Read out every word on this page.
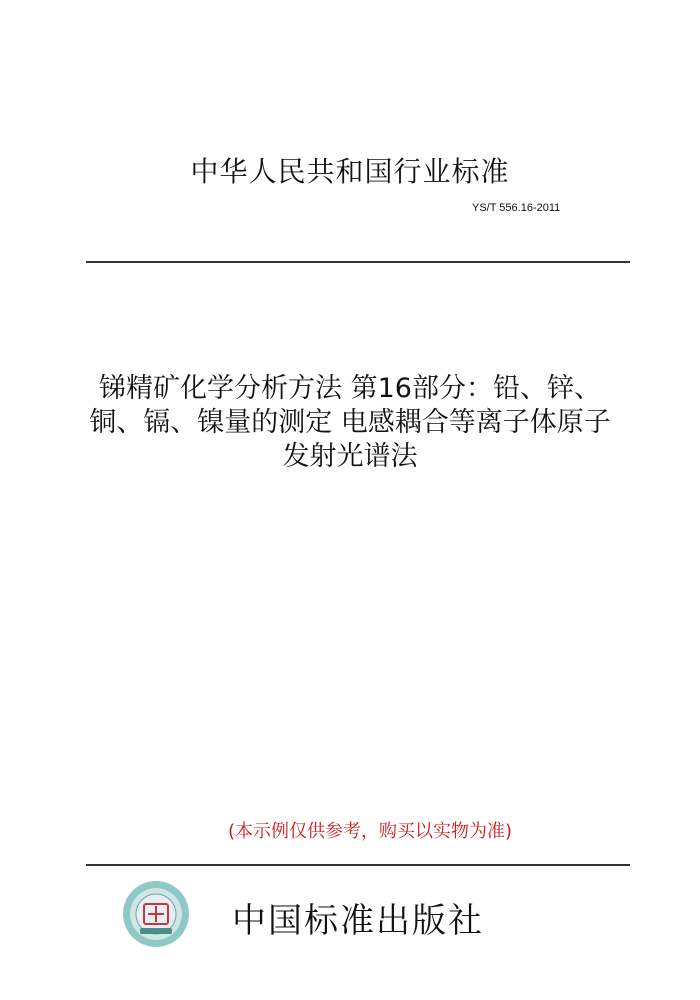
中华人民共和国行业标准
YS/T 556.16-2011
锑精矿化学分析方法 第16部分：铅、锌、
铜、镉、镍量的测定 电感耦合等离子体原子
发射光谱法
(本示例仅供参考，购买以实物为准)
中国标准出版社
